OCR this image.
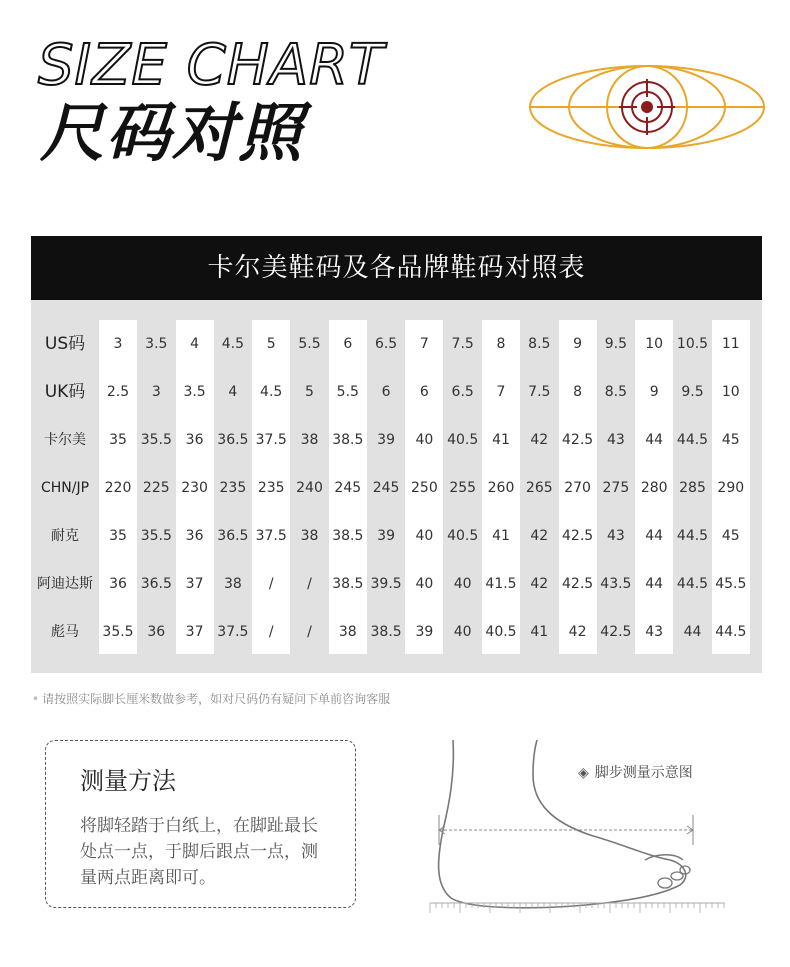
SIZE CHART
尺码对照
卡尔美鞋码及各品牌鞋码对照表
US码	3	3.5	4	4.5	5	5.5	6	6.5	7	7.5	8	8.5	9	9.5	10 10.5 11
UK码	2.5	3	3.5	4	4.5	5	5.5	6	6	6.5	7	7.5	8	8.5	9	9.5	10
卡尔美	35 35.5 36 36.5 37.5 38 38.5 39	40 40.5 41	42 42.5 43	44 44.5 45
CHN/JP	220 225 230 235 235 240 245 245 250 255 260 265 270 275 280 285 290
耐克	35 35.5 36 36.5 37.5 38 38.5 39	40 40.5 41	42 42.5 43	44 44.5 45
阿迪达斯	36 36.5 37	38	/	/	38.5 39.5 40	40 41.5 42 42.5 43.5 44 44.5 45.5
彪马	35.5 36	37 37.5	/	/	38 38.5 39	40 40.5 41	42 42.5 43	44 44.5

• 请按照实际脚长厘米数做参考，如对尺码仍有疑问下单前咨询客服

测量方法

将脚轻踏于白纸上，在脚趾最长处点一点，于脚后跟点一点，测量两点距离即可。

◈ 脚步测量示意图
